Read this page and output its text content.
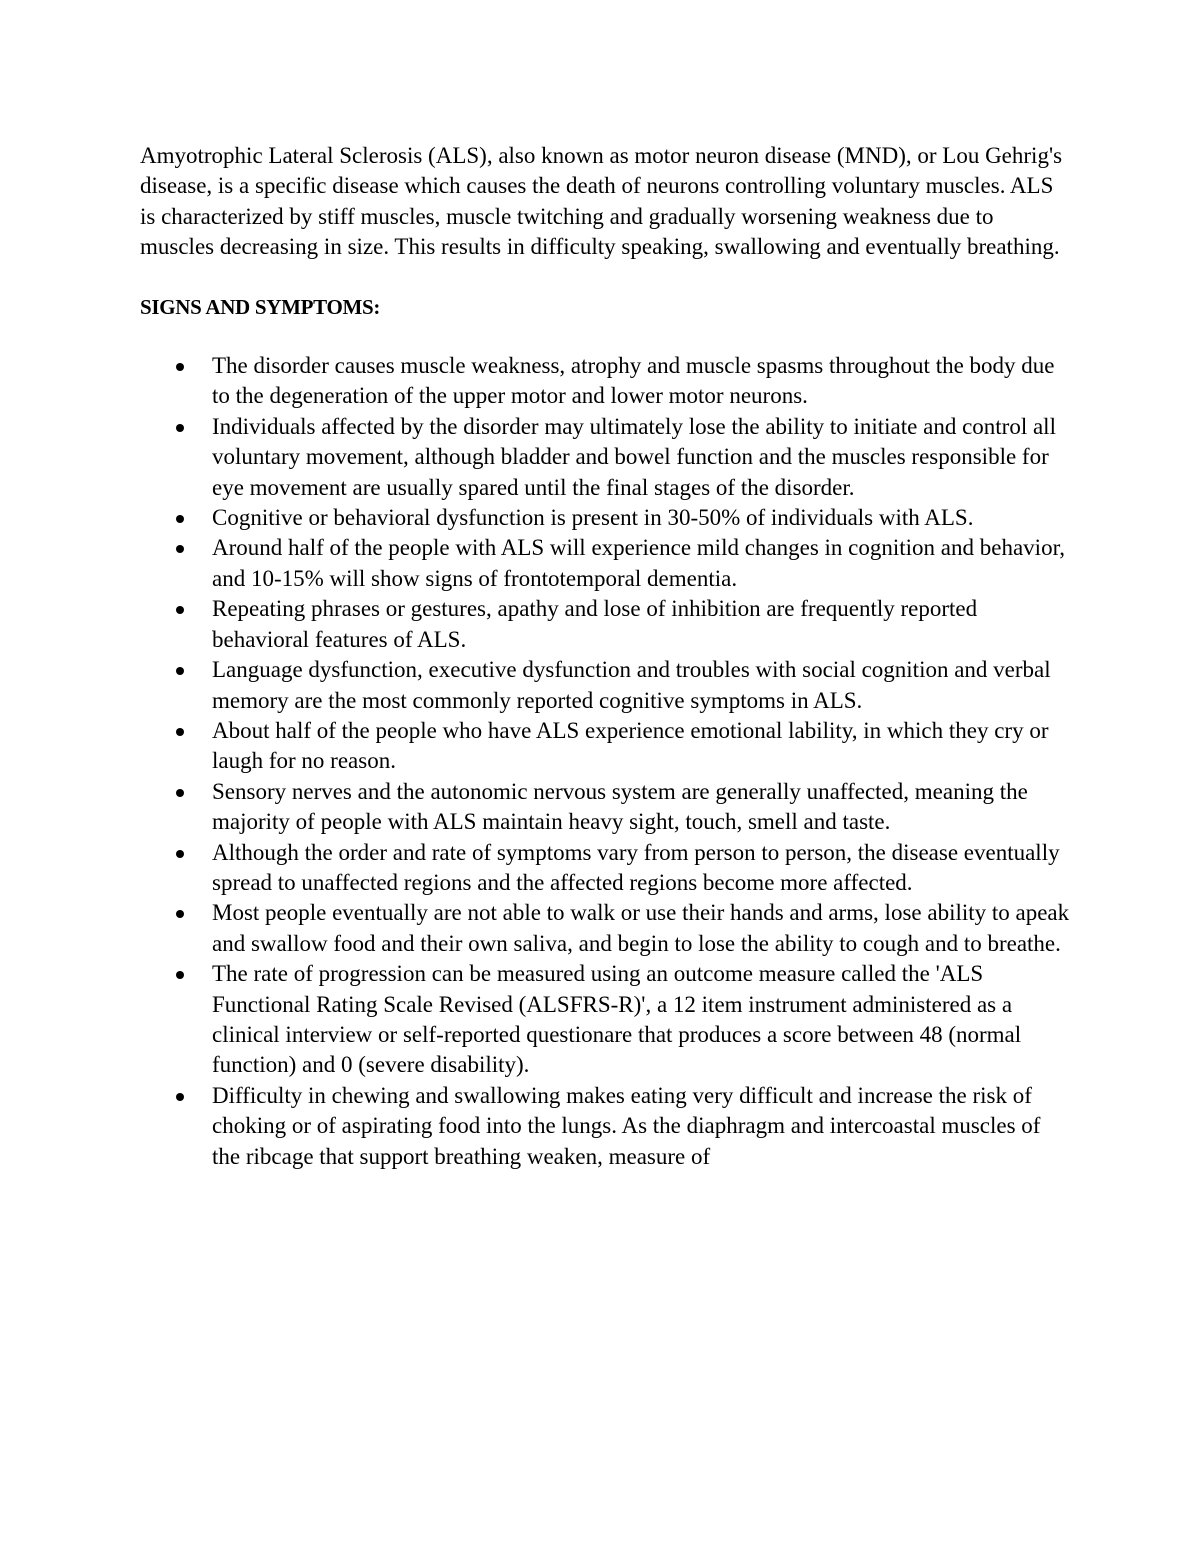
Amyotrophic Lateral Sclerosis (ALS), also known as motor neuron disease (MND), or Lou Gehrig's disease, is a specific disease which causes the death of neurons controlling voluntary muscles. ALS is characterized by stiff muscles, muscle twitching and gradually worsening weakness due to muscles decreasing in size. This results in difficulty speaking, swallowing and eventually breathing.

SIGNS AND SYMPTOMS:

The disorder causes muscle weakness, atrophy and muscle spasms throughout the body due to the degeneration of the upper motor and lower motor neurons.
Individuals affected by the disorder may ultimately lose the ability to initiate and control all voluntary movement, although bladder and bowel function and the muscles responsible for eye movement are usually spared until the final stages of the disorder.
Cognitive or behavioral dysfunction is present in 30-50% of individuals with ALS.
Around half of the people with ALS will experience mild changes in cognition and behavior, and 10-15% will show signs of frontotemporal dementia.
Repeating phrases or gestures, apathy and lose of inhibition are frequently reported behavioral features of ALS.
Language dysfunction, executive dysfunction and troubles with social cognition and verbal memory are the most commonly reported cognitive symptoms in ALS.
About half of the people who have ALS experience emotional lability, in which they cry or laugh for no reason.
Sensory nerves and the autonomic nervous system are generally unaffected, meaning the majority of people with ALS maintain heavy sight, touch, smell and taste.
Although the order and rate of symptoms vary from person to person, the disease eventually spread to unaffected regions and the affected regions become more affected.
Most people eventually are not able to walk or use their hands and arms, lose ability to apeak and swallow food and their own saliva, and begin to lose the ability to cough and to breathe.
The rate of progression can be measured using an outcome measure called the 'ALS Functional Rating Scale Revised (ALSFRS-R)', a 12 item instrument administered as a clinical interview or self-reported questionare that produces a score between 48 (normal function) and 0 (severe disability).
Difficulty in chewing and swallowing makes eating very difficult and increase the risk of choking or of aspirating food into the lungs. As the diaphragm and intercoastal muscles of the ribcage that support breathing weaken, measure of
